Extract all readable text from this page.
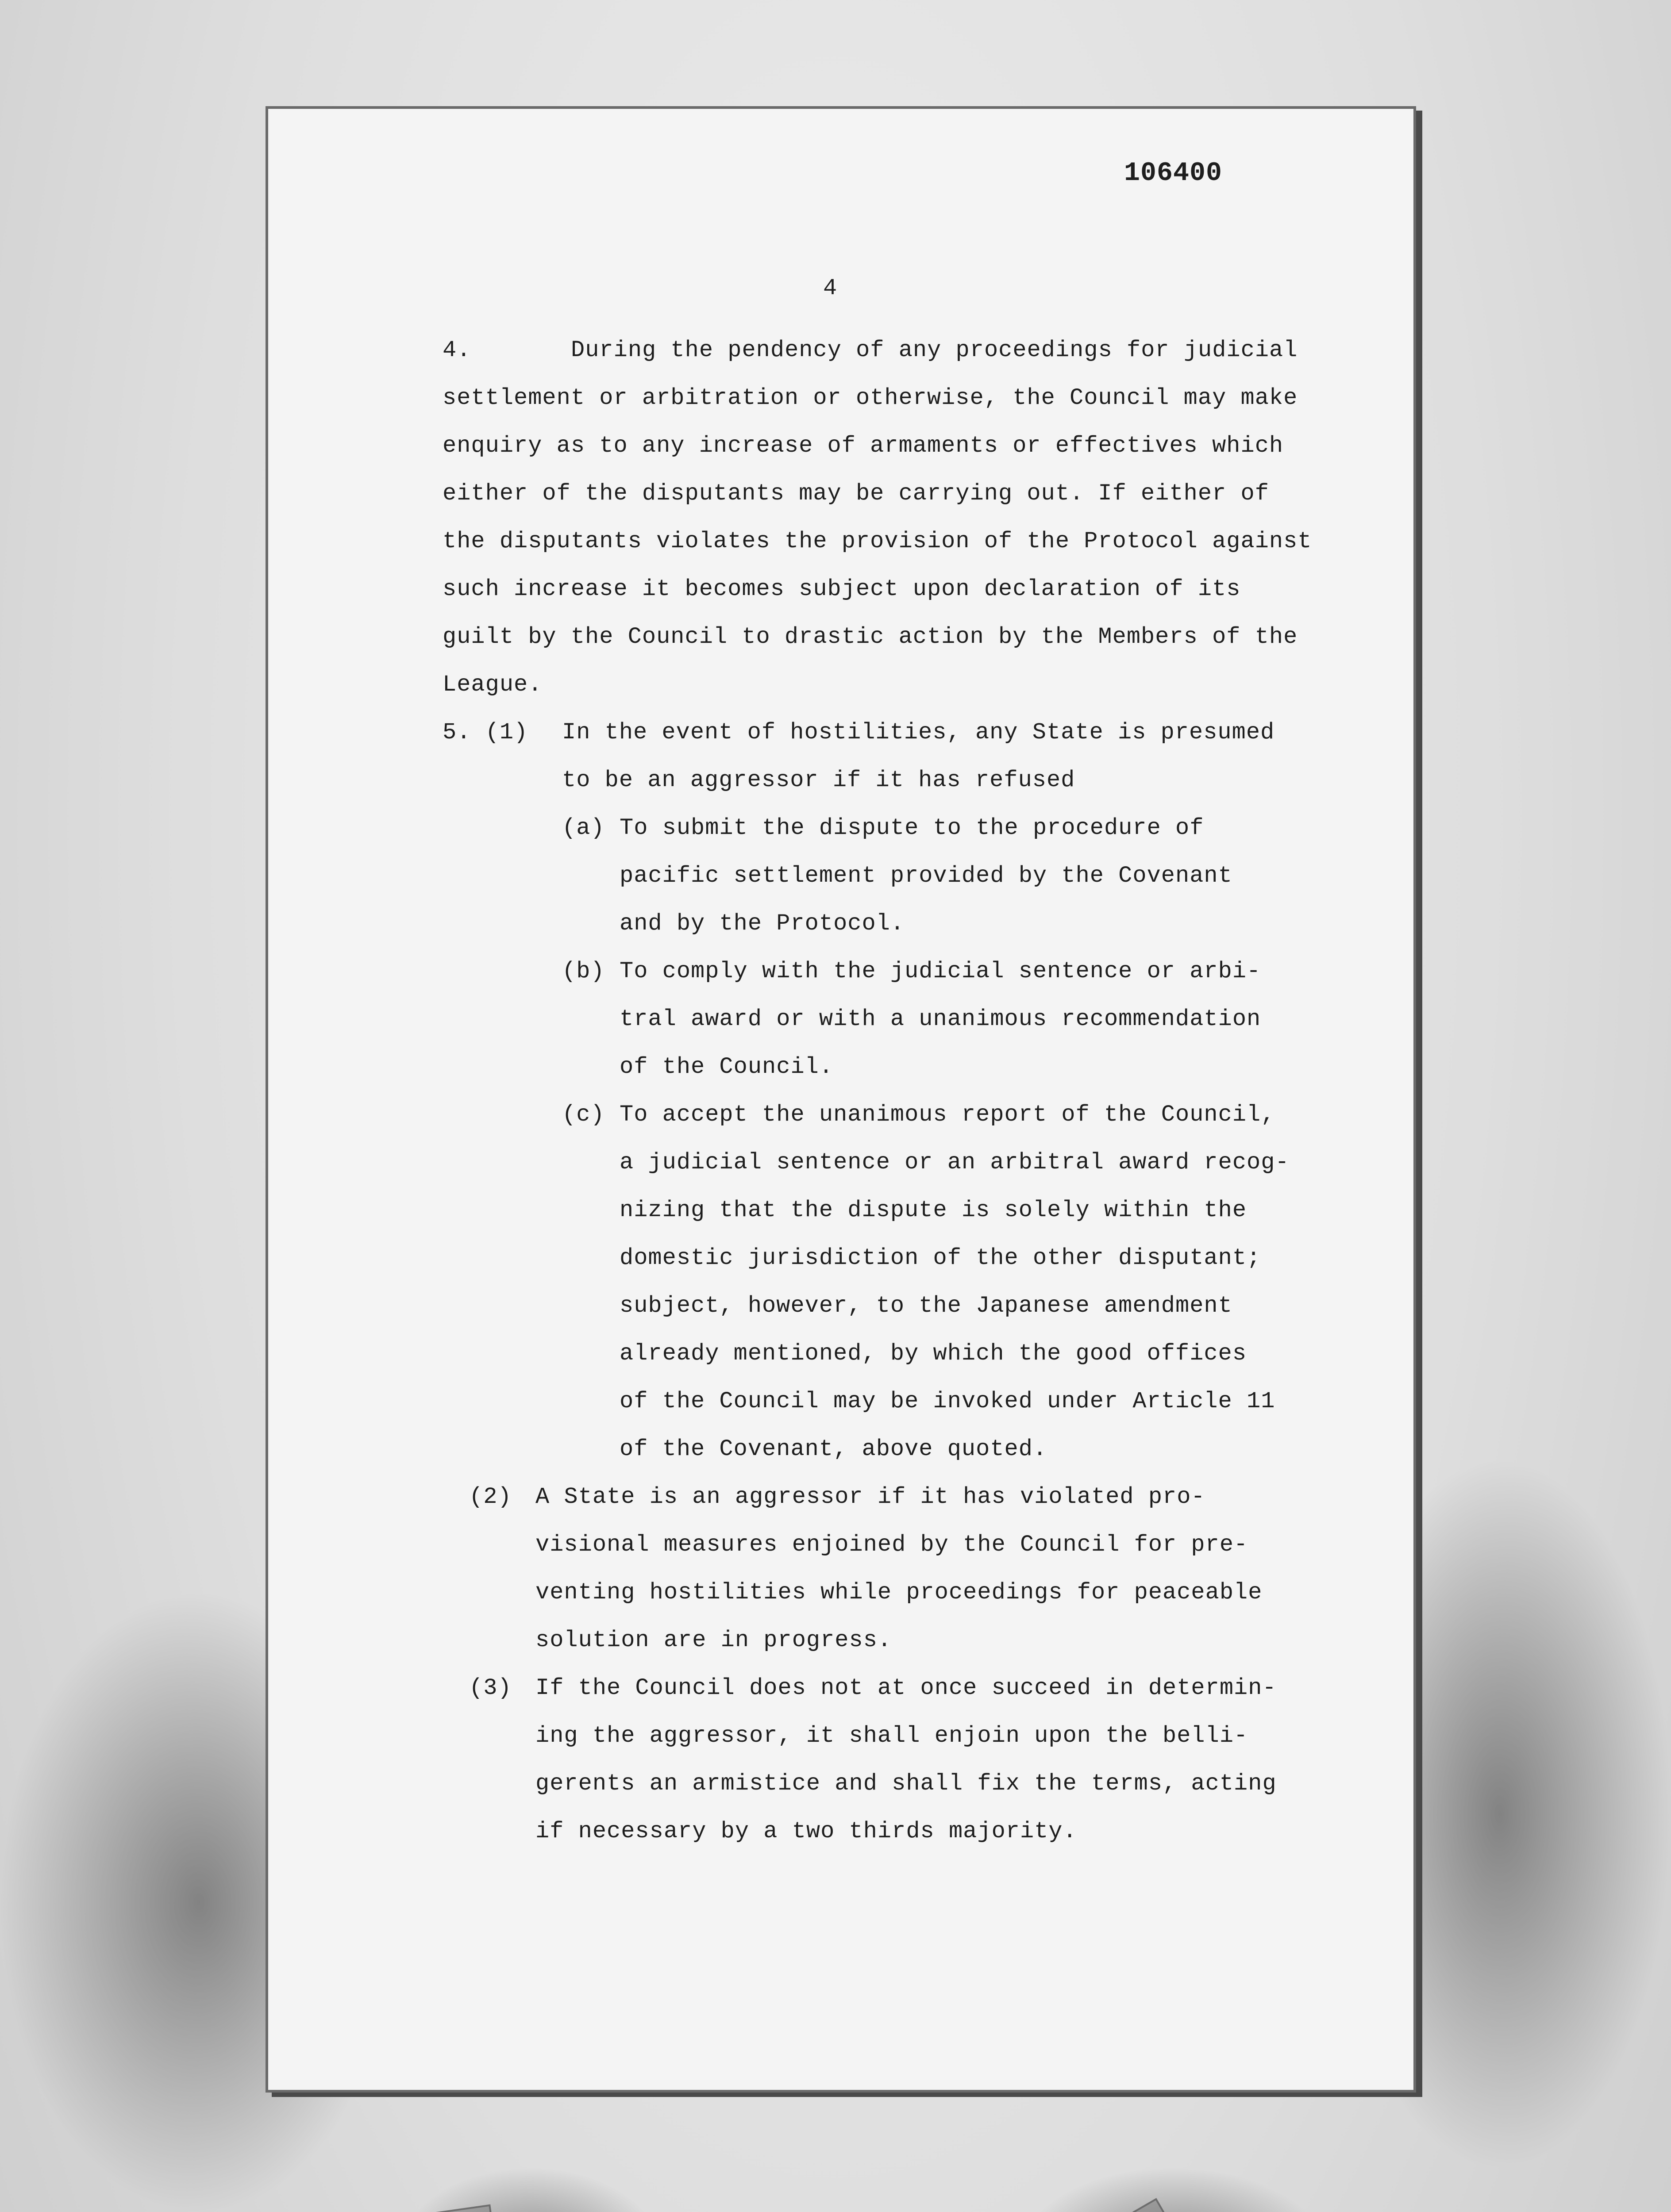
106400
4
4.	During the pendency of any proceedings for judicial
settlement or arbitration or otherwise, the Council may make
enquiry as to any increase of armaments or effectives which
either of the disputants may be carrying out. If either of
the disputants violates the provision of the Protocol against
such increase it becomes subject upon declaration of its
guilt by the Council to drastic action by the Members of the
League.
5. (1) In the event of hostilities, any State is presumed
to be an aggressor if it has refused
(a) To submit the dispute to the procedure of
pacific settlement provided by the Covenant
and by the Protocol.
(b) To comply with the judicial sentence or arbi-
tral award or with a unanimous recommendation
of the Council.
(c) To accept the unanimous report of the Council,
a judicial sentence or an arbitral award recog-
nizing that the dispute is solely within the
domestic jurisdiction of the other disputant;
subject, however, to the Japanese amendment
already mentioned, by which the good offices
of the Council may be invoked under Article 11
of the Covenant, above quoted.
(2) A State is an aggressor if it has violated pro-
visional measures enjoined by the Council for pre-
venting hostilities while proceedings for peaceable
solution are in progress.
(3) If the Council does not at once succeed in determin-
ing the aggressor, it shall enjoin upon the belli-
gerents an armistice and shall fix the terms, acting
if necessary by a two thirds majority.
